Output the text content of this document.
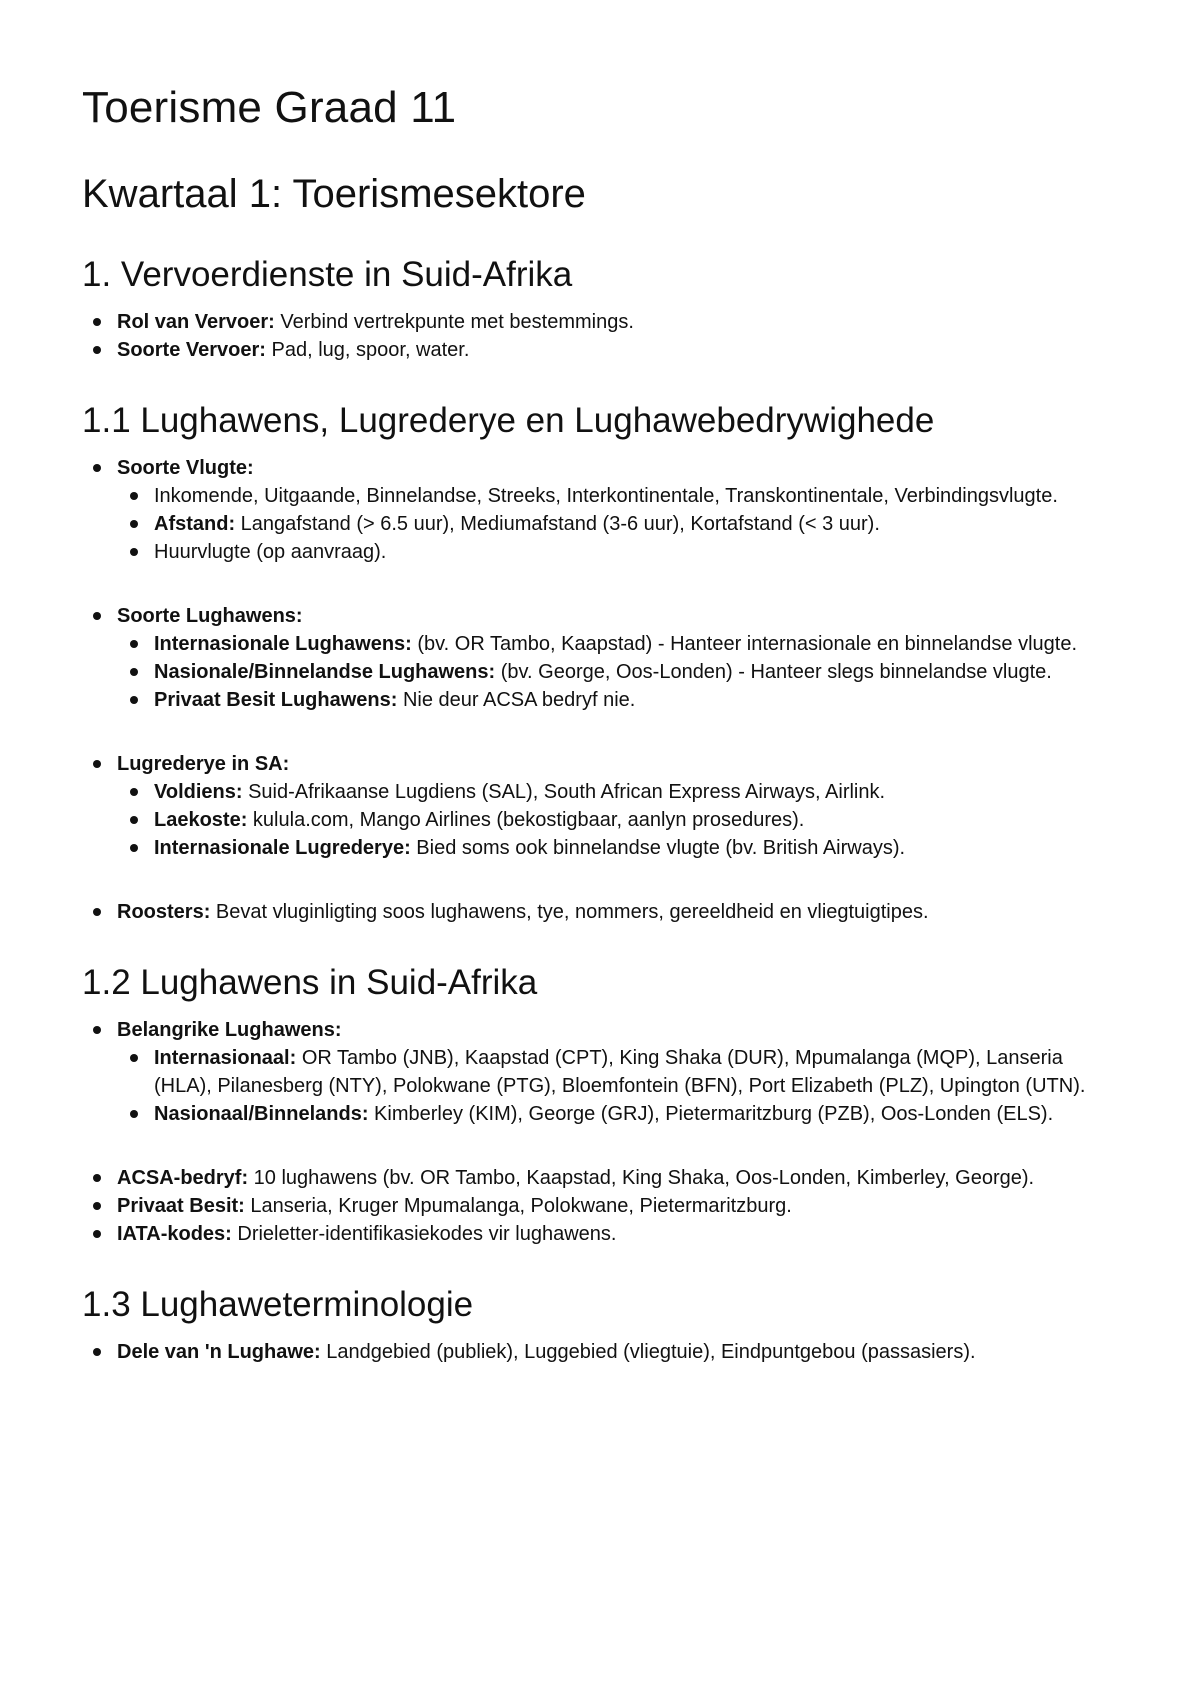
Toerisme Graad 11
Kwartaal 1: Toerismesektore
1. Vervoerdienste in Suid-Afrika
Rol van Vervoer: Verbind vertrekpunte met bestemmings.
Soorte Vervoer: Pad, lug, spoor, water.
1.1 Lughawens, Lugrederye en Lughawebedrywighede
Soorte Vlugte:
Inkomende, Uitgaande, Binnelandse, Streeks, Interkontinentale, Transkontinentale, Verbindingsvlugte.
Afstand: Langafstand (> 6.5 uur), Mediumafstand (3-6 uur), Kortafstand (< 3 uur).
Huurvlugte (op aanvraag).
Soorte Lughawens:
Internasionale Lughawens: (bv. OR Tambo, Kaapstad) - Hanteer internasionale en binnelandse vlugte.
Nasionale/Binnelandse Lughawens: (bv. George, Oos-Londen) - Hanteer slegs binnelandse vlugte.
Privaat Besit Lughawens: Nie deur ACSA bedryf nie.
Lugrederye in SA:
Voldiens: Suid-Afrikaanse Lugdiens (SAL), South African Express Airways, Airlink.
Laekoste: kulula.com, Mango Airlines (bekostigbaar, aanlyn prosedures).
Internasionale Lugrederye: Bied soms ook binnelandse vlugte (bv. British Airways).
Roosters: Bevat vluginligting soos lughawens, tye, nommers, gereeldheid en vliegtuigtipes.
1.2 Lughawens in Suid-Afrika
Belangrike Lughawens:
Internasionaal: OR Tambo (JNB), Kaapstad (CPT), King Shaka (DUR), Mpumalanga (MQP), Lanseria (HLA), Pilanesberg (NTY), Polokwane (PTG), Bloemfontein (BFN), Port Elizabeth (PLZ), Upington (UTN).
Nasionaal/Binnelands: Kimberley (KIM), George (GRJ), Pietermaritzburg (PZB), Oos-Londen (ELS).
ACSA-bedryf: 10 lughawens (bv. OR Tambo, Kaapstad, King Shaka, Oos-Londen, Kimberley, George).
Privaat Besit: Lanseria, Kruger Mpumalanga, Polokwane, Pietermaritzburg.
IATA-kodes: Drieletter-identifikasiekodes vir lughawens.
1.3 Lughaweterminologie
Dele van 'n Lughawe: Landgebied (publiek), Luggebied (vliegtuie), Eindpuntgebou (passasiers).
